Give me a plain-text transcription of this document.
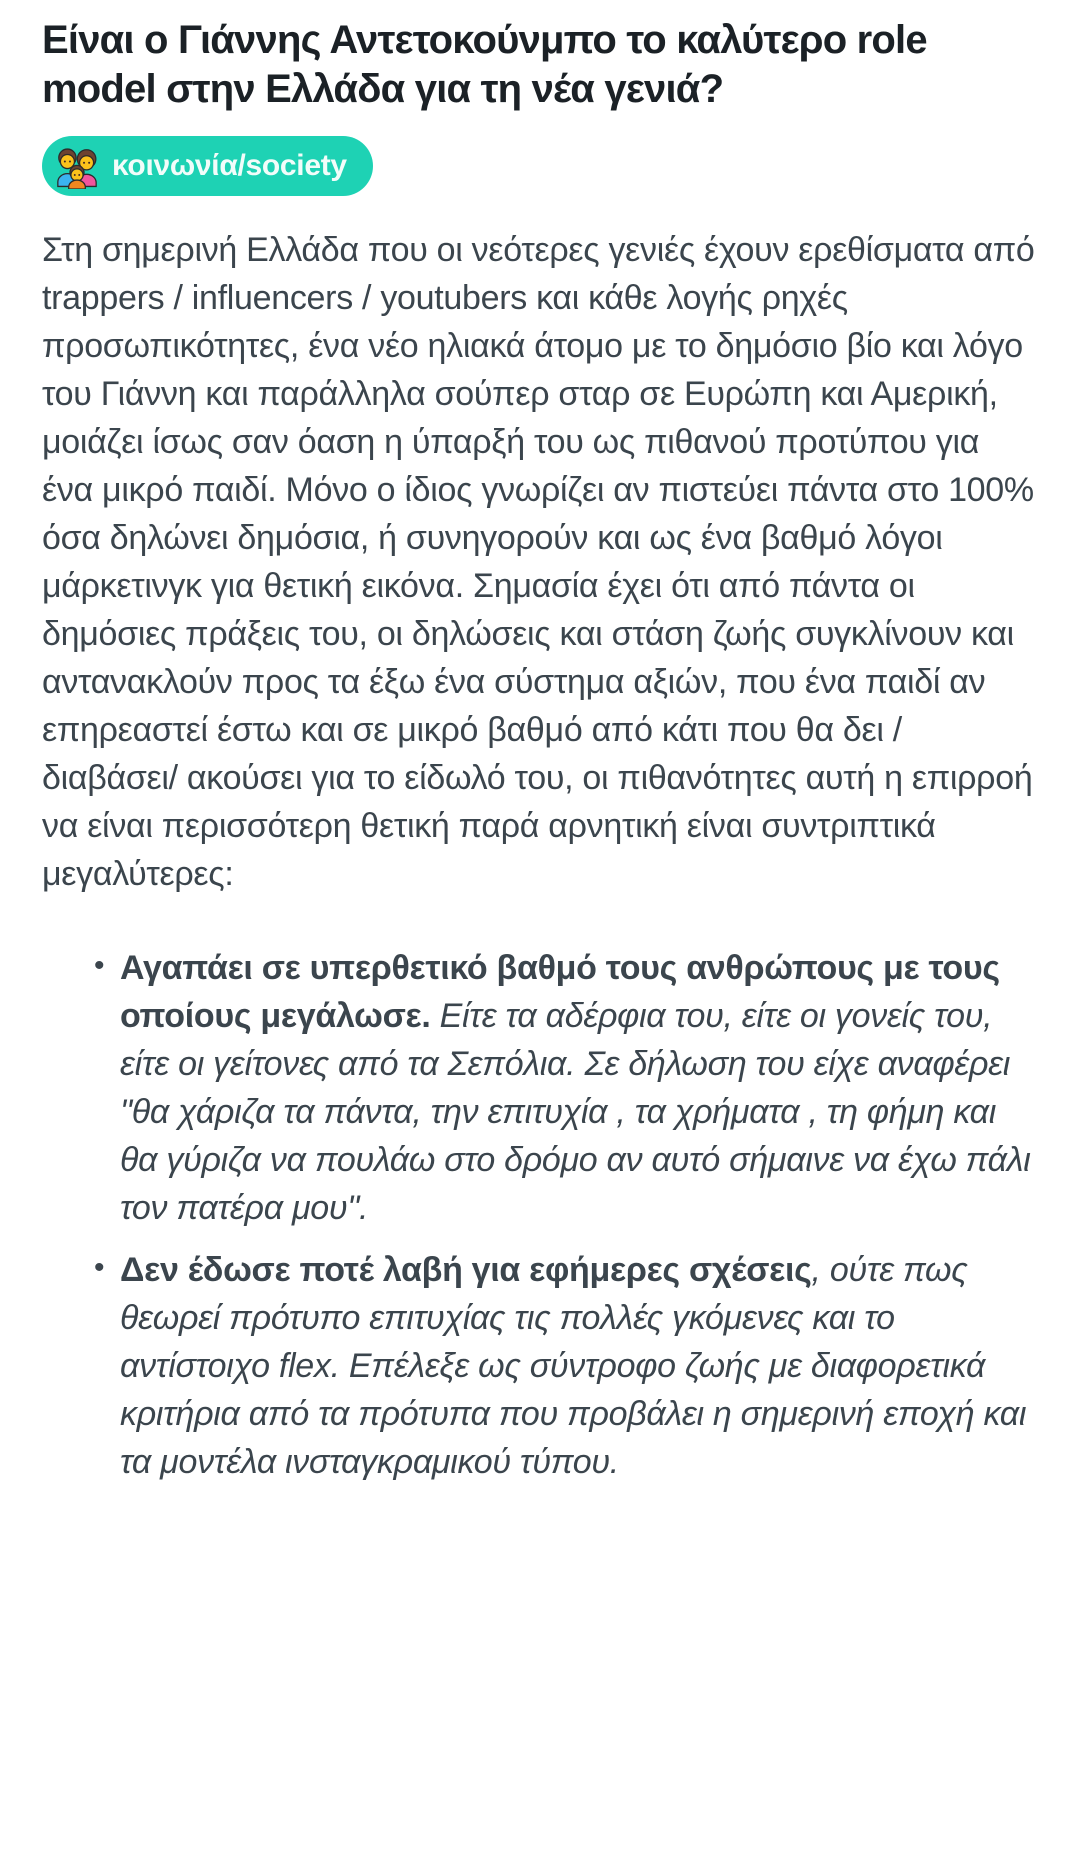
Είναι ο Γιάννης Αντετοκούνμπο το καλύτερο role model στην Ελλάδα για τη νέα γενιά?
κοινωνία/society

Στη σημερινή Ελλάδα που οι νεότερες γενιές έχουν ερεθίσματα από trappers / influencers / youtubers και κάθε λογής ρηχές προσωπικότητες, ένα νέο ηλιακά άτομο με το δημόσιο βίο και λόγο του Γιάννη και παράλληλα σούπερ σταρ σε Ευρώπη και Αμερική, μοιάζει ίσως σαν όαση η ύπαρξή του ως πιθανού προτύπου για ένα μικρό παιδί. Μόνο ο ίδιος γνωρίζει αν πιστεύει πάντα στο 100% όσα δηλώνει δημόσια, ή συνηγορούν και ως ένα βαθμό λόγοι μάρκετινγκ για θετική εικόνα. Σημασία έχει ότι από πάντα οι δημόσιες πράξεις του, οι δηλώσεις και στάση ζωής συγκλίνουν και αντανακλούν προς τα έξω ένα σύστημα αξιών, που ένα παιδί αν επηρεαστεί έστω και σε μικρό βαθμό από κάτι που θα δει / διαβάσει/ ακούσει για το είδωλό του, οι πιθανότητες αυτή η επιρροή να είναι περισσότερη θετική παρά αρνητική είναι συντριπτικά μεγαλύτερες:

• Αγαπάει σε υπερθετικό βαθμό τους ανθρώπους με τους οποίους μεγάλωσε. Είτε τα αδέρφια του, είτε οι γονείς του, είτε οι γείτονες από τα Σεπόλια. Σε δήλωση του είχε αναφέρει "θα χάριζα τα πάντα, την επιτυχία , τα χρήματα , τη φήμη και θα γύριζα να πουλάω στο δρόμο αν αυτό σήμαινε να έχω πάλι τον πατέρα μου".
• Δεν έδωσε ποτέ λαβή για εφήμερες σχέσεις, ούτε πως θεωρεί πρότυπο επιτυχίας τις πολλές γκόμενες και το αντίστοιχο flex. Επέλεξε ως σύντροφο ζωής με διαφορετικά κριτήρια από τα πρότυπα που προβάλει η σημερινή εποχή και τα μοντέλα ινσταγκραμικού τύπου.
